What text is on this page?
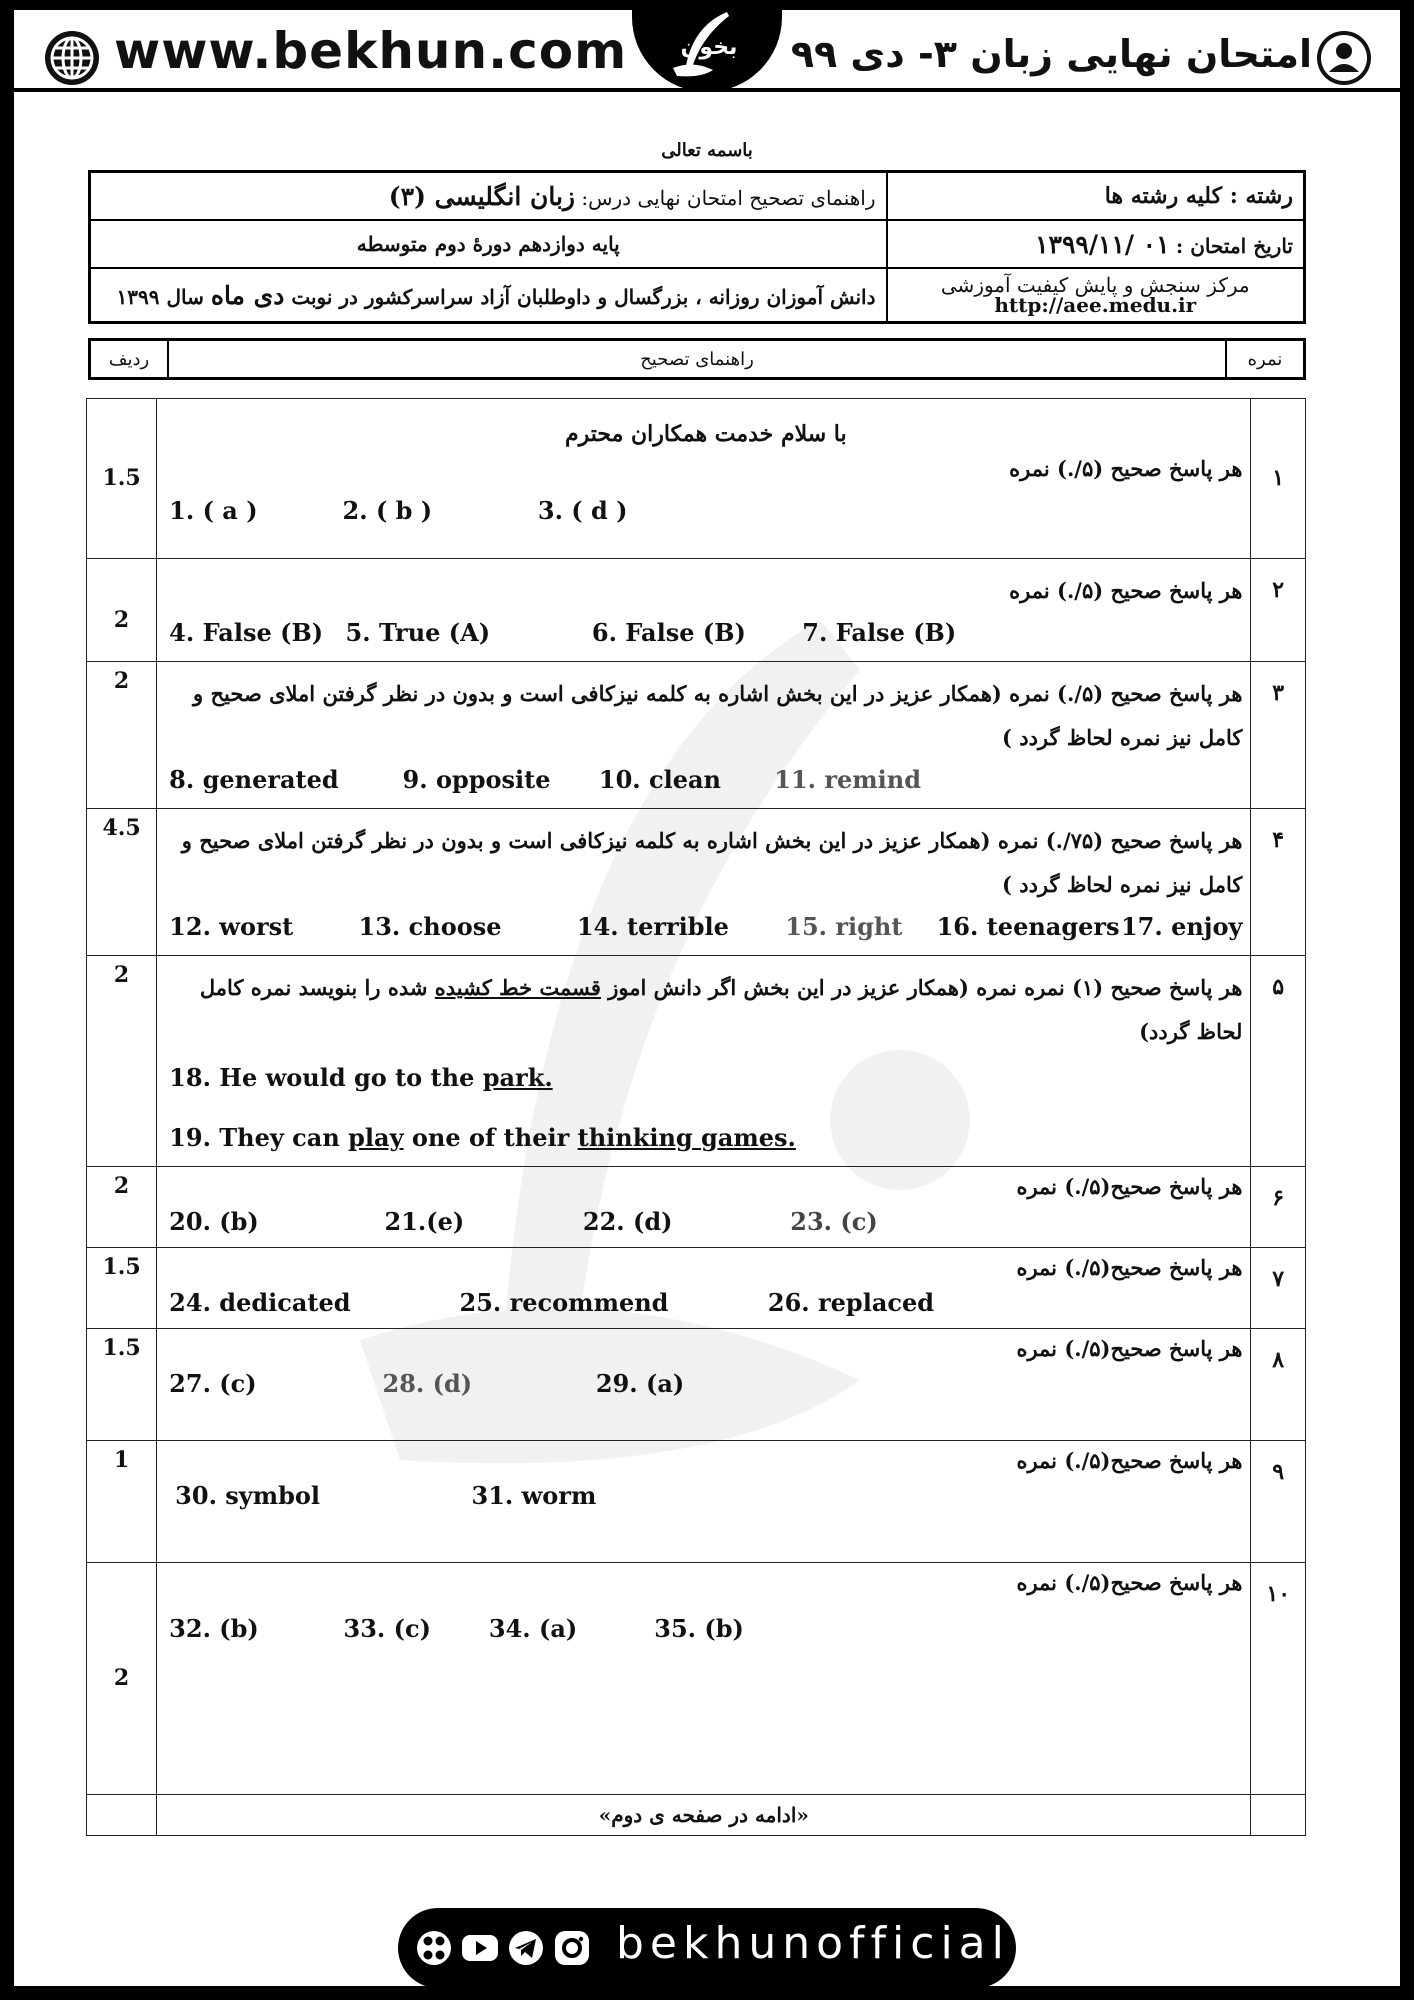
www.bekhun.com	امتحان نهایی زبان ۳- دی ۹۹
بخون
باسمه تعالی
راهنمای تصحیح امتحان نهایی درس: زبان انگلیسی (۳)	رشته : کلیه رشته ها
پایه دوازدهم دورهٔ دوم متوسطه	تاریخ امتحان : ۰۱ /۱۳۹۹/۱۱
دانش آموزان روزانه ، بزرگسال و داوطلبان آزاد سراسرکشور در نوبت دی ماه سال ۱۳۹۹	مرکز سنجش و پایش کیفیت آموزشی
http://aee.medu.ir
ردیف	راهنمای تصحیح	نمره
1.5	با سلام خدمت همکاران محترم
هر پاسخ صحیح (۵/.) نمره
1. ( a ) 2. ( b ) 3. ( d )	۱
2	هر پاسخ صحیح (۵/.) نمره
4. False (B) 5. True (A) 6. False (B) 7. False (B)	۲
2	هر پاسخ صحیح (۵/.) نمره (همکار عزیز در این بخش اشاره به کلمه نیزکافی است و بدون در نظر گرفتن املای صحیح و کامل نیز نمره لحاظ گردد )
8. generated 9. opposite 10. clean 11. remind	۳
4.5	هر پاسخ صحیح (۷۵/.) نمره (همکار عزیز در این بخش اشاره به کلمه نیزکافی است و بدون در نظر گرفتن املای صحیح و کامل نیز نمره لحاظ گردد )
12. worst 13. choose 14. terrible 15. right 16. teenagers 17. enjoy	۴
2	هر پاسخ صحیح (۱) نمره نمره (همکار عزیز در این بخش اگر دانش اموز قسمت خط کشیده شده را بنویسد نمره کامل لحاظ گردد)
18. He would go to the park.
19. They can play one of their thinking games.	۵
2	هر پاسخ صحیح(۵/.) نمره
20. (b) 21.(e) 22. (d) 23. (c)	۶
1.5	هر پاسخ صحیح(۵/.) نمره
24. dedicated 25. recommend 26. replaced	۷
1.5	هر پاسخ صحیح(۵/.) نمره
27. (c) 28. (d) 29. (a)	۸
1	هر پاسخ صحیح(۵/.) نمره
30. symbol 31. worm	۹
2	هر پاسخ صحیح(۵/.) نمره
32. (b) 33. (c) 34. (a) 35. (b)	۱۰
	«ادامه در صفحه ی دوم»	
bekhunofficial
